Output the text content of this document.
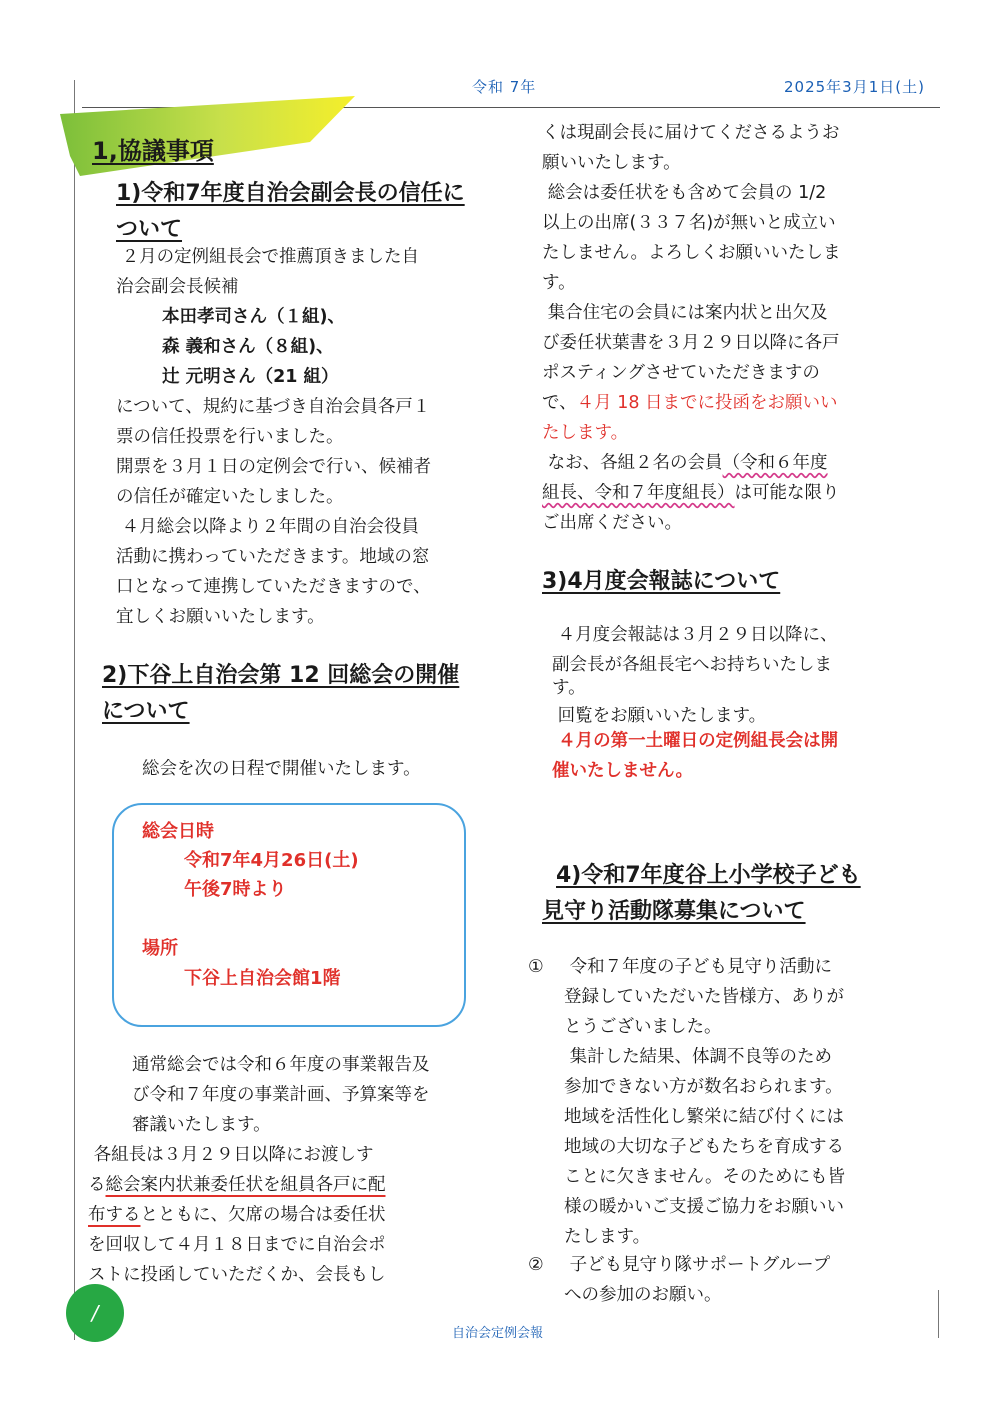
令和 7年	2025年3月1日(土)
1,協議事項

1)令和7年度自治会副会長の信任に

ついて

２月の定例組長会で推薦頂きました自
治会副会長候補
本田孝司さん（１組)、
森 義和さん（８組)、
辻 元明さん（21 組）
について、規約に基づき自治会員各戸１
票の信任投票を行いました。
開票を３月１日の定例会で行い、候補者
の信任が確定いたしました。
４月総会以降より２年間の自治会役員
活動に携わっていただきます。地域の窓
口となって連携していただきますので、
宜しくお願いいたします。

2)下谷上自治会第 12 回総会の開催

について

総会を次の日程で開催いたします。
総会日時
令和7年4月26日(土)
午後7時より
場所
下谷上自治会館1階
通常総会では令和６年度の事業報告及
び令和７年度の事業計画、予算案等を
審議いたします。
各組長は３月２９日以降にお渡しす
る総会案内状兼委任状を組員各戸に配
布するとともに、欠席の場合は委任状
を回収して４月１８日までに自治会ポ
ストに投函していただくか、会長もし
くは現副会長に届けてくださるようお
願いいたします。
総会は委任状をも含めて会員の 1/2
以上の出席(３３７名)が無いと成立い
たしません。よろしくお願いいたしま
す。
集合住宅の会員には案内状と出欠及
び委任状葉書を３月２９日以降に各戸
ポスティングさせていただきますの
で、４月 18 日までに投函をお願いい
たします。
なお、各組２名の会員（令和６年度
組長、令和７年度組長）は可能な限り
ご出席ください。

3)4月度会報誌について

４月度会報誌は３月２９日以降に、
副会長が各組長宅へお持ちいたしま
す。
回覧をお願いいたします。
４月の第一土曜日の定例組長会は開
催いたしません。

4)令和7年度谷上小学校子ども

見守り活動隊募集について

① 令和７年度の子ども見守り活動に
登録していただいた皆様方、ありが
とうございました。
集計した結果、体調不良等のため
参加できない方が数名おられます。
地域を活性化し繁栄に結び付くには
地域の大切な子どもたちを育成する
ことに欠きません。そのためにも皆
様の暖かいご支援ご協力をお願いい
たします。
② 子ども見守り隊サポートグループ
への参加のお願い。
/
自治会定例会報
